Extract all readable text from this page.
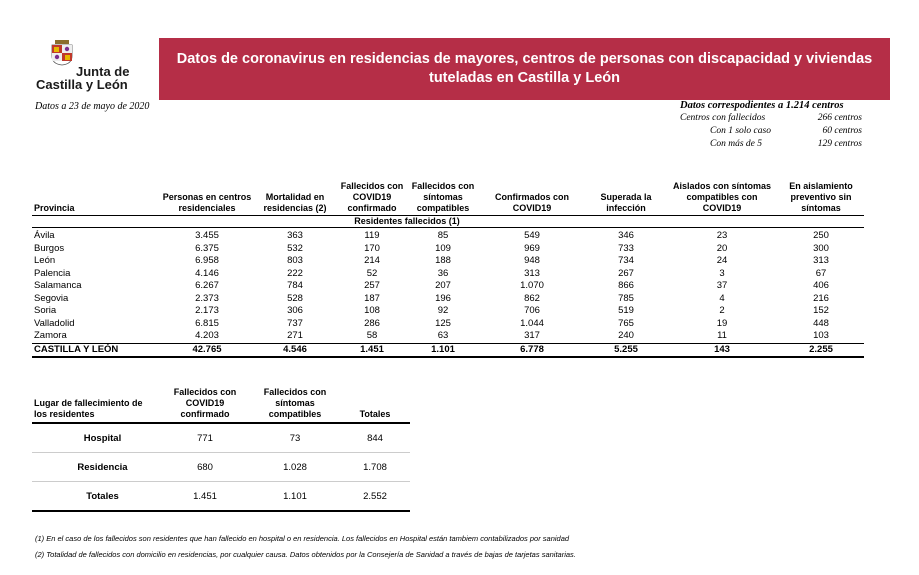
Junta de
Castilla y León
Datos de coronavirus en residencias de mayores, centros de personas con discapacidad y viviendas tuteladas en Castilla y León
Datos a 23 de mayo de 2020	Datos correspodientes a 1.214 centros
Centros con fallecidos	266 centros
Con 1 solo caso	60 centros
Con más de 5	129 centros
Provincia	Personas en centros residenciales	Mortalidad en residencias (2)	Fallecidos con COVID19 confirmado	Fallecidos con síntomas compatibles	Confirmados con COVID19	Superada la infección	Aislados con síntomas compatibles con COVID19	En aislamiento preventivo sin síntomas
			Residentes fallecidos (1)					
Ávila	3.455	363	119	85	549	346	23	250
Burgos	6.375	532	170	109	969	733	20	300
León	6.958	803	214	188	948	734	24	313
Palencia	4.146	222	52	36	313	267	3	67
Salamanca	6.267	784	257	207	1.070	866	37	406
Segovia	2.373	528	187	196	862	785	4	216
Soria	2.173	306	108	92	706	519	2	152
Valladolid	6.815	737	286	125	1.044	765	19	448
Zamora	4.203	271	58	63	317	240	11	103
CASTILLA Y LEÓN	42.765	4.546	1.451	1.101	6.778	5.255	143	2.255
Lugar de fallecimiento de los residentes	Fallecidos con COVID19 confirmado	Fallecidos con síntomas compatibles	Totales
Hospital	771	73	844
Residencia	680	1.028	1.708
Totales	1.451	1.101	2.552
(1) En el caso de los fallecidos son residentes que han fallecido en hospital o en residencia. Los fallecidos en Hospital están tambiem contabilizados por sanidad
(2) Totalidad de fallecidos con domicilio en residencias, por cualquier causa. Datos obtenidos por la Consejería de Sanidad a través de bajas de tarjetas sanitarias.
